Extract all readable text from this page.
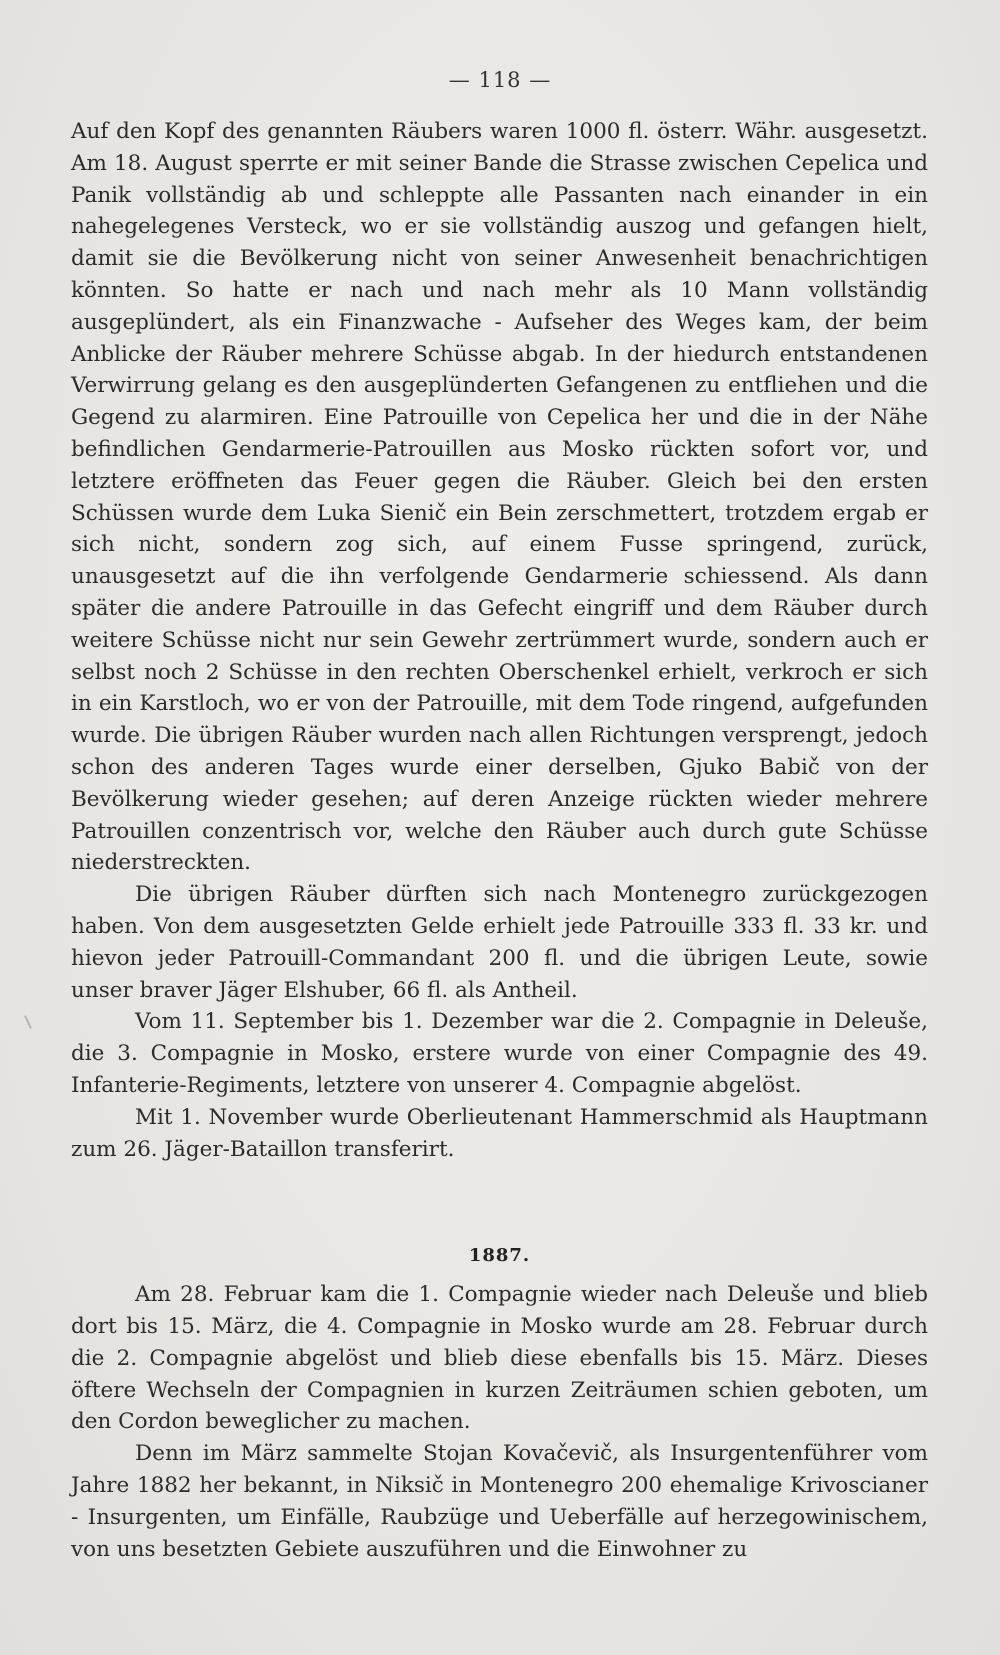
— 118 —

Auf den Kopf des genannten Räubers waren 1000 fl. österr. Währ. ausgesetzt. Am 18. August sperrte er mit seiner Bande die Strasse zwischen Cepelica und Panik vollständig ab und schleppte alle Passanten nach einander in ein nahegelegenes Versteck, wo er sie vollständig auszog und gefangen hielt, damit sie die Bevölkerung nicht von seiner Anwesenheit benachrichtigen könnten. So hatte er nach und nach mehr als 10 Mann vollständig ausgeplündert, als ein Finanzwache - Aufseher des Weges kam, der beim Anblicke der Räuber mehrere Schüsse abgab. In der hiedurch entstandenen Verwirrung gelang es den ausgeplünderten Gefangenen zu entfliehen und die Gegend zu alarmiren. Eine Patrouille von Cepelica her und die in der Nähe befindlichen Gendarmerie-Patrouillen aus Mosko rückten sofort vor, und letztere eröffneten das Feuer gegen die Räuber. Gleich bei den ersten Schüssen wurde dem Luka Sienič ein Bein zerschmettert, trotzdem ergab er sich nicht, sondern zog sich, auf einem Fusse springend, zurück, unausgesetzt auf die ihn verfolgende Gendarmerie schiessend. Als dann später die andere Patrouille in das Gefecht eingriff und dem Räuber durch weitere Schüsse nicht nur sein Gewehr zertrümmert wurde, sondern auch er selbst noch 2 Schüsse in den rechten Oberschenkel erhielt, verkroch er sich in ein Karstloch, wo er von der Patrouille, mit dem Tode ringend, aufgefunden wurde. Die übrigen Räuber wurden nach allen Richtungen versprengt, jedoch schon des anderen Tages wurde einer derselben, Gjuko Babič von der Bevölkerung wieder gesehen; auf deren Anzeige rückten wieder mehrere Patrouillen conzentrisch vor, welche den Räuber auch durch gute Schüsse niederstreckten.

Die übrigen Räuber dürften sich nach Montenegro zurückgezogen haben. Von dem ausgesetzten Gelde erhielt jede Patrouille 333 fl. 33 kr. und hievon jeder Patrouill-Commandant 200 fl. und die übrigen Leute, sowie unser braver Jäger Elshuber, 66 fl. als Antheil.

Vom 11. September bis 1. Dezember war die 2. Compagnie in Deleuše, die 3. Compagnie in Mosko, erstere wurde von einer Compagnie des 49. Infanterie-Regiments, letztere von unserer 4. Compagnie abgelöst.

Mit 1. November wurde Oberlieutenant Hammerschmid als Hauptmann zum 26. Jäger-Bataillon transferirt.

1887.

Am 28. Februar kam die 1. Compagnie wieder nach Deleuše und blieb dort bis 15. März, die 4. Compagnie in Mosko wurde am 28. Februar durch die 2. Compagnie abgelöst und blieb diese ebenfalls bis 15. März. Dieses öftere Wechseln der Compagnien in kurzen Zeiträumen schien geboten, um den Cordon beweglicher zu machen.

Denn im März sammelte Stojan Kovačevič, als Insurgentenführer vom Jahre 1882 her bekannt, in Niksič in Montenegro 200 ehemalige Krivoscianer - Insurgenten, um Einfälle, Raubzüge und Ueberfälle auf herzegowinischem, von uns besetzten Gebiete auszuführen und die Einwohner zu
